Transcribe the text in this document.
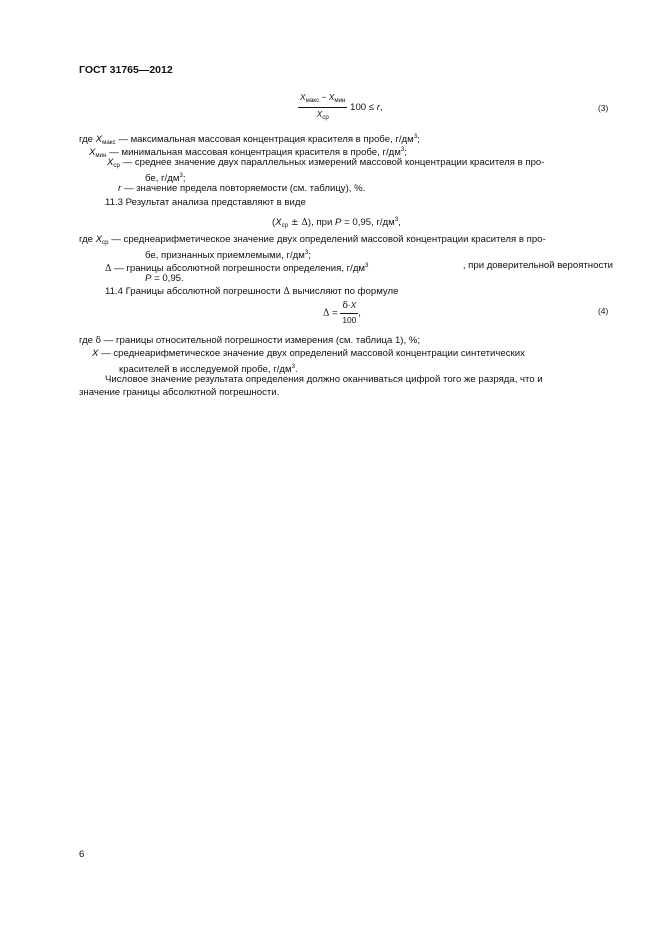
ГОСТ 31765—2012
$\frac{X_{макс} - X_{мин}}{X_{ср}} 100 \le r$,	(3)
где $X_{макс}$ — максимальная массовая концентрация красителя в пробе, $г/дм^3$;
$X_{мин}$ — минимальная массовая концентрация красителя в пробе, $г/дм^3$;
$X_{ср}$ — среднее значение двух параллельных измерений массовой концентрации красителя в про-
бе, $г/дм^3$;
r — значение предела повторяемости (см. таблицу), %.
11.3 Результат анализа представляют в виде
$(X_{ср} \pm \Delta)$, при P = 0,95, $г/дм^3$,
где $X_{ср}$ — среднеарифметическое значение двух определений массовой концентрации красителя в про-
бе, признанных приемлемыми, $г/дм^3$;
Δ — границы абсолютной погрешности определения, $г/дм^3$	, при доверительной вероятности
P = 0,95.
11.4 Границы абсолютной погрешности Δ вычисляют по формуле
$\Delta = \frac{\delta\cdot X}{100}$ ,	(4)
где δ — границы относительной погрешности измерения (см. таблица 1), %;
X — среднеарифметическое значение двух определений массовой концентрации синтетических
красителей в исследуемой пробе, $г/дм^3$.
Числовое значение результата определения должно оканчиваться цифрой того же разряда, что и
значение границы абсолютной погрешности.
6
